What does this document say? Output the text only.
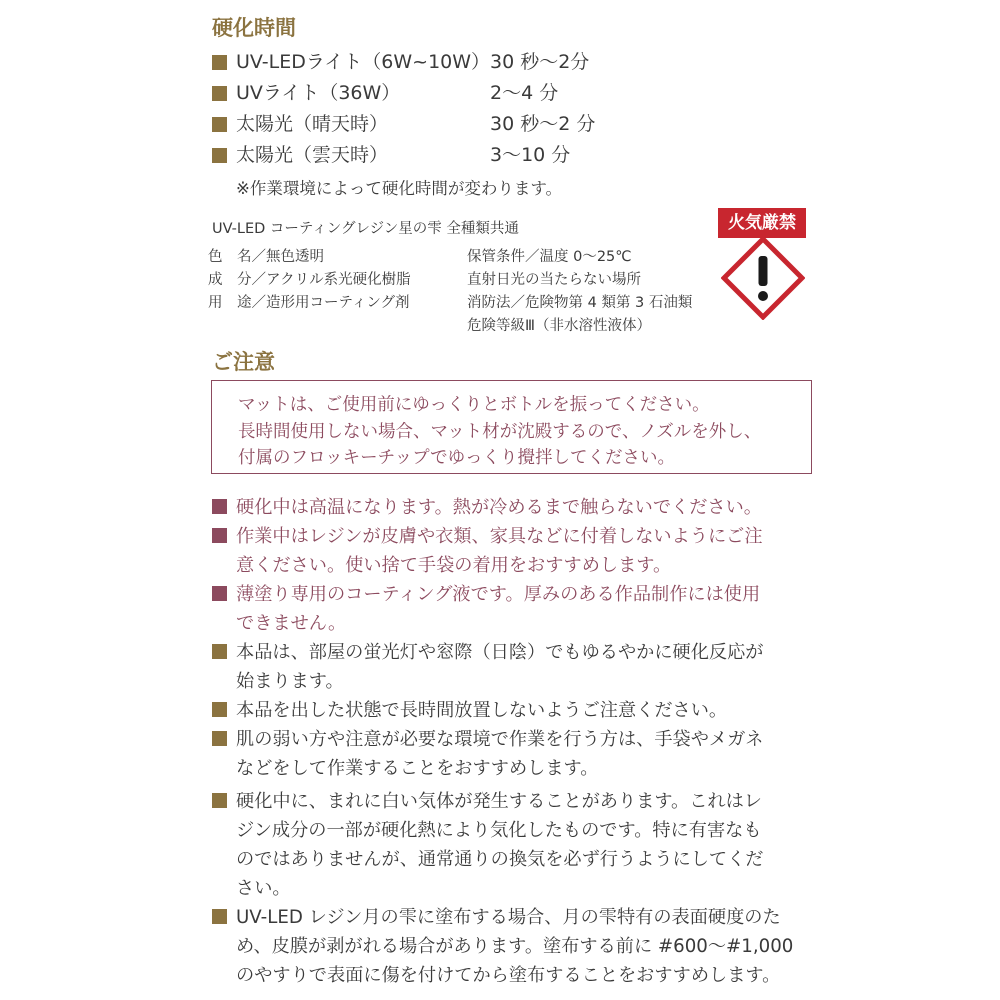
硬化時間
UV-LEDライト（6W~10W） 30 秒〜2分
UVライト（36W）	2〜4 分
太陽光（晴天時）	30 秒〜2 分
太陽光（雲天時）	3〜10 分
※作業環境によって硬化時間が変わります。
UV-LED コーティングレジン星の雫 全種類共通
色　名／無色透明
成　分／アクリル系光硬化樹脂
用　途／造形用コーティング剤
保管条件／温度 0〜25℃
直射日光の当たらない場所
消防法／危険物第 4 類第 3 石油類
危険等級Ⅲ（非水溶性液体）
火気厳禁
ご注意
マットは、ご使用前にゆっくりとボトルを振ってください。
長時間使用しない場合、マット材が沈殿するので、ノズルを外し、
付属のフロッキーチップでゆっくり攪拌してください。
硬化中は高温になります。熱が冷めるまで触らないでください。
作業中はレジンが皮膚や衣類、家具などに付着しないようにご注
意ください。使い捨て手袋の着用をおすすめします。
薄塗り専用のコーティング液です。厚みのある作品制作には使用
できません。
本品は、部屋の蛍光灯や窓際（日陰）でもゆるやかに硬化反応が
始まります。
本品を出した状態で長時間放置しないようご注意ください。
肌の弱い方や注意が必要な環境で作業を行う方は、手袋やメガネ
などをして作業することをおすすめします。
硬化中に、まれに白い気体が発生することがあります。これはレ
ジン成分の一部が硬化熱により気化したものです。特に有害なも
のではありませんが、通常通りの換気を必ず行うようにしてくだ
さい。
UV-LED レジン月の雫に塗布する場合、月の雫特有の表面硬度のた
め、皮膜が剥がれる場合があります。塗布する前に #600〜#1,000
のやすりで表面に傷を付けてから塗布することをおすすめします。
